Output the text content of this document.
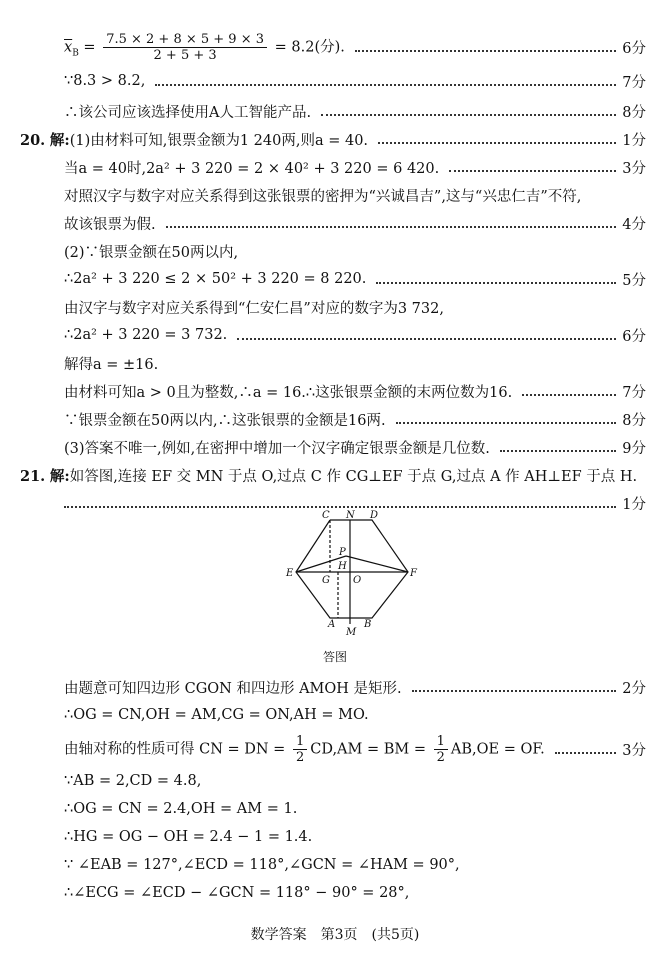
$\overline{x}_B = \frac{7.5 \times 2 + 8 \times 5 + 9 \times 3}{2 + 5 + 3} = 8.2$(分).	6分
∵8.3 > 8.2,	7分
∴该公司应该选择使用A人工智能产品.	8分
20. 解:(1)由材料可知,银票金额为1 240两,则a = 40.	1分
当a = 40时,2a² + 3 220 = 2 × 40² + 3 220 = 6 420.	3分
对照汉字与数字对应关系得到这张银票的密押为“兴诚昌吉”,这与“兴忠仁吉”不符,
故该银票为假.	4分
(2)∵银票金额在50两以内,
∴2a² + 3 220 ≤ 2 × 50² + 3 220 = 8 220.	5分
由汉字与数字对应关系得到“仁安仁昌”对应的数字为3 732,
∴2a² + 3 220 = 3 732.	6分
解得a = ±16.
由材料可知a > 0且为整数,∴a = 16.∴这张银票金额的末两位数为16.	7分
∵银票金额在50两以内,∴这张银票的金额是16两.	8分
(3)答案不唯一,例如,在密押中增加一个汉字确定银票金额是几位数.	9分
21. 解:如答图,连接 EF 交 MN 于点 O,过点 C 作 CG⊥EF 于点 G,过点 A 作 AH⊥EF 于点 H.
1分
C N D
P
H
G
E
O
F
A
M
B
答图
由题意可知四边形 CGON 和四边形 AMOH 是矩形.	2分
∴OG = CN,OH = AM,CG = ON,AH = MO.
由轴对称的性质可得 CN = DN = $\frac{1}{2} CD,AM$ = BM = $\frac{1}{2} AB,OE$ = OF.	3分
∵AB = 2,CD = 4.8,
∴OG = CN = 2.4,OH = AM = 1.
∴HG = OG − OH = 2.4 − 1 = 1.4.
∵ ∠EAB = 127°,∠ECD = 118°,∠GCN = ∠HAM = 90°,
∴∠ECG = ∠ECD − ∠GCN = 118° − 90° = 28°,
数学答案　第3页　(共5页)
